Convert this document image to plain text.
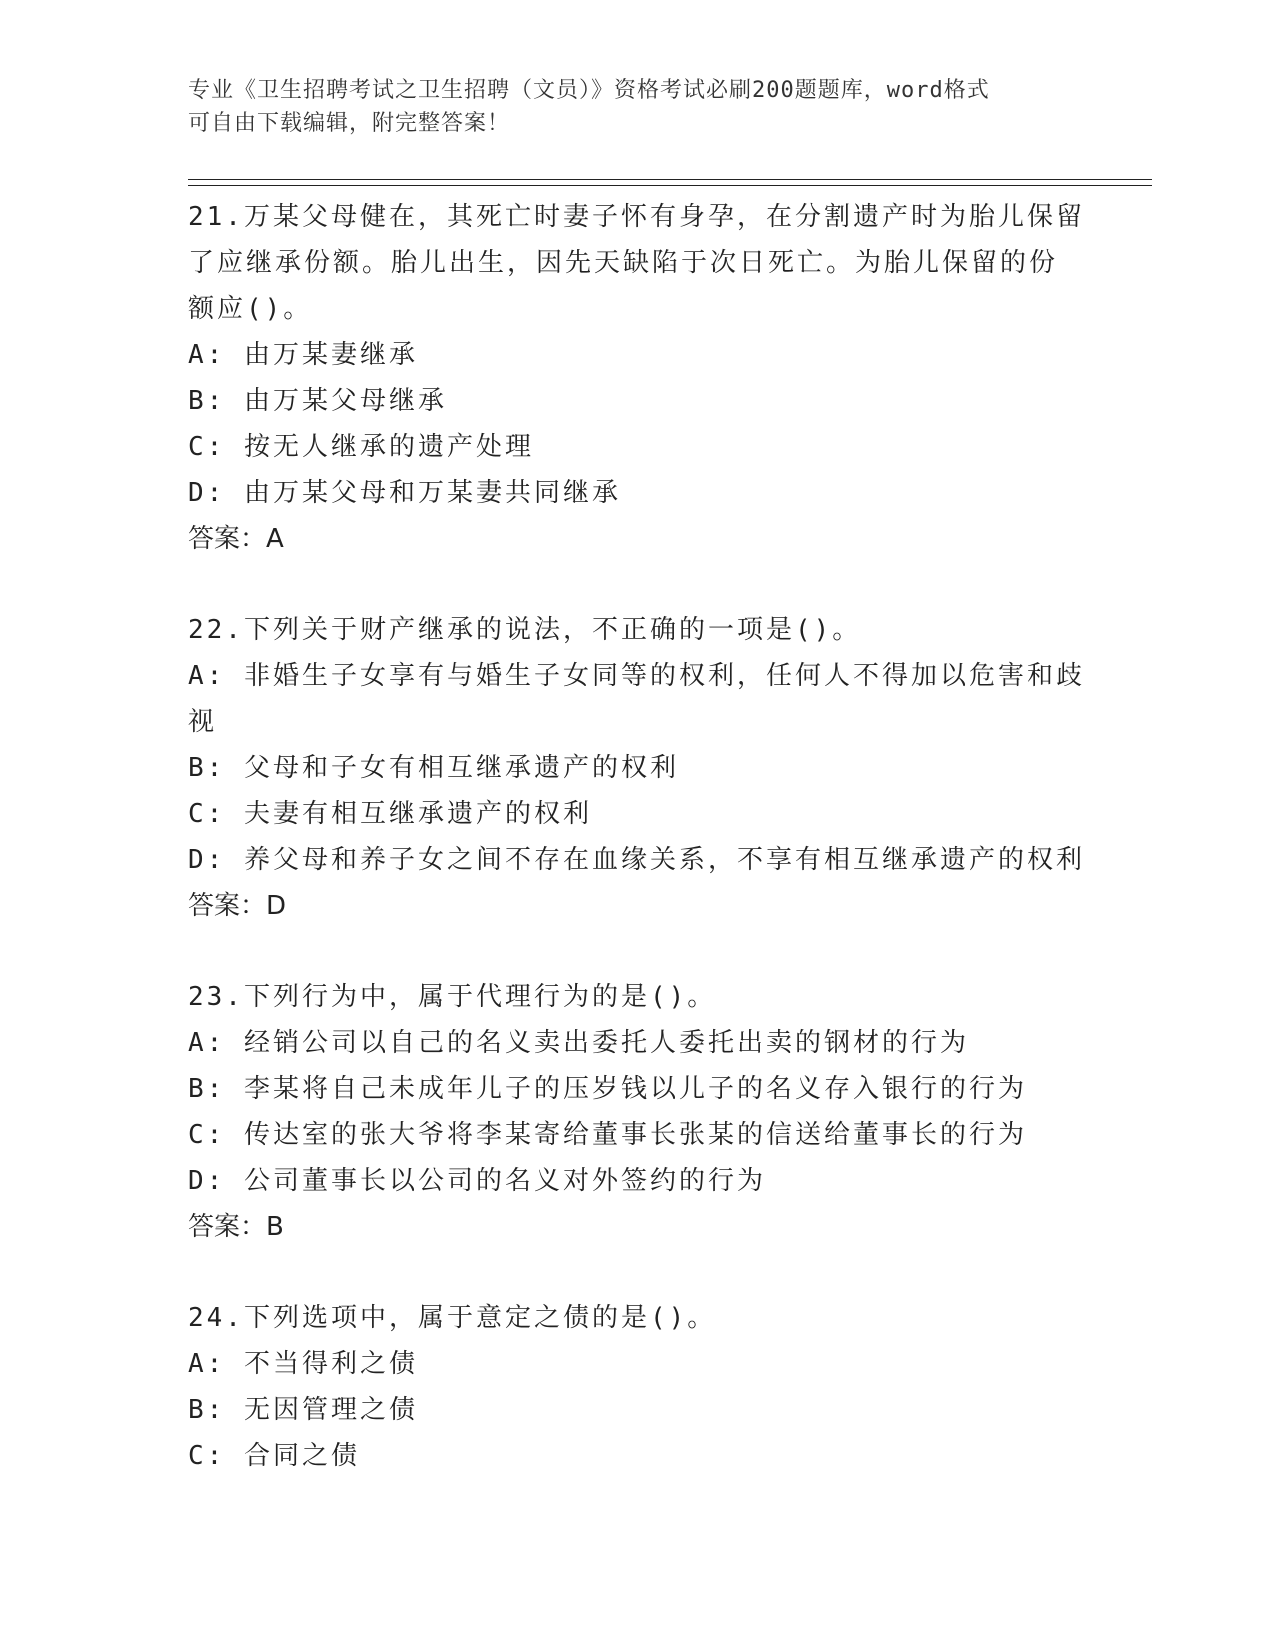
专业《卫生招聘考试之卫生招聘（文员）》资格考试必刷200题题库，word格式
可自由下载编辑，附完整答案！
21.万某父母健在，其死亡时妻子怀有身孕，在分割遗产时为胎儿保留
了应继承份额。胎儿出生，因先天缺陷于次日死亡。为胎儿保留的份
额应()。
A: 由万某妻继承
B: 由万某父母继承
C: 按无人继承的遗产处理
D: 由万某父母和万某妻共同继承
答案：A
22.下列关于财产继承的说法，不正确的一项是()。
A: 非婚生子女享有与婚生子女同等的权利，任何人不得加以危害和歧
视
B: 父母和子女有相互继承遗产的权利
C: 夫妻有相互继承遗产的权利
D: 养父母和养子女之间不存在血缘关系，不享有相互继承遗产的权利
答案：D
23.下列行为中，属于代理行为的是()。
A: 经销公司以自己的名义卖出委托人委托出卖的钢材的行为
B: 李某将自己未成年儿子的压岁钱以儿子的名义存入银行的行为
C: 传达室的张大爷将李某寄给董事长张某的信送给董事长的行为
D: 公司董事长以公司的名义对外签约的行为
答案：B
24.下列选项中，属于意定之债的是()。
A: 不当得利之债
B: 无因管理之债
C: 合同之债
